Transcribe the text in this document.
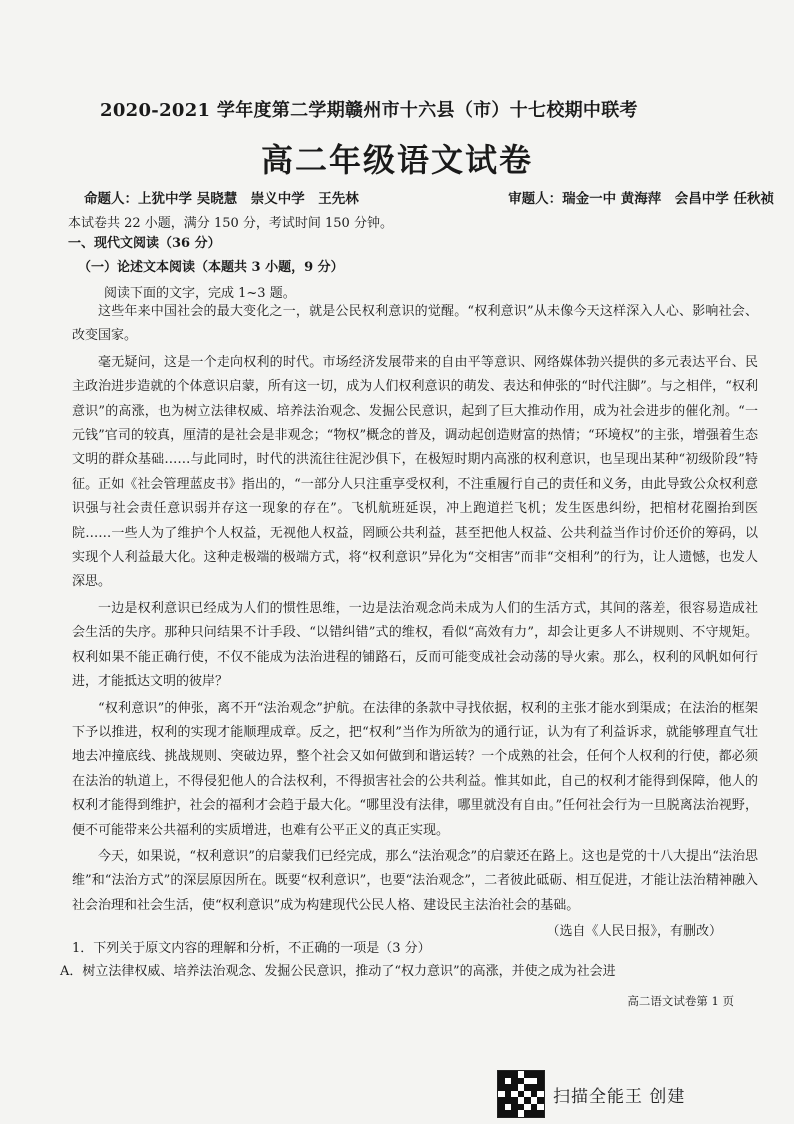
2020-2021 学年度第二学期赣州市十六县（市）十七校期中联考
高二年级语文试卷
命题人：上犹中学 吴晓慧　崇义中学　王先林	审题人：瑞金一中 黄海萍　会昌中学 任秋祯
本试卷共 22 小题，满分 150 分，考试时间 150 分钟。
一、现代文阅读（36 分）
（一）论述文本阅读（本题共 3 小题，9 分）
阅读下面的文字，完成 1~3 题。

这些年来中国社会的最大变化之一，就是公民权利意识的觉醒。“权利意识”从未像今天这样深入人心、影响社会、改变国家。

毫无疑问，这是一个走向权利的时代。市场经济发展带来的自由平等意识、网络媒体勃兴提供的多元表达平台、民主政治进步造就的个体意识启蒙，所有这一切，成为人们权利意识的萌发、表达和伸张的“时代注脚”。与之相伴，“权利意识”的高涨，也为树立法律权威、培养法治观念、发掘公民意识，起到了巨大推动作用，成为社会进步的催化剂。“一元钱”官司的较真，厘清的是社会是非观念；“物权”概念的普及，调动起创造财富的热情；“环境权”的主张，增强着生态文明的群众基础……与此同时，时代的洪流往往泥沙俱下，在极短时期内高涨的权利意识，也呈现出某种“初级阶段”特征。正如《社会管理蓝皮书》指出的，“一部分人只注重享受权利，不注重履行自己的责任和义务，由此导致公众权利意识强与社会责任意识弱并存这一现象的存在”。飞机航班延误，冲上跑道拦飞机；发生医患纠纷，把棺材花圈抬到医院……一些人为了维护个人权益，无视他人权益，罔顾公共利益，甚至把他人权益、公共利益当作讨价还价的筹码，以实现个人利益最大化。这种走极端的极端方式，将“权利意识”异化为“交相害”而非“交相利”的行为，让人遗憾，也发人深思。

一边是权利意识已经成为人们的惯性思维，一边是法治观念尚未成为人们的生活方式，其间的落差，很容易造成社会生活的失序。那种只问结果不计手段、“以错纠错”式的维权，看似“高效有力”，却会让更多人不讲规则、不守规矩。权利如果不能正确行使，不仅不能成为法治进程的铺路石，反而可能变成社会动荡的导火索。那么，权利的风帆如何行进，才能抵达文明的彼岸？

“权利意识”的伸张，离不开“法治观念”护航。在法律的条款中寻找依据，权利的主张才能水到渠成；在法治的框架下予以推进，权利的实现才能顺理成章。反之，把“权利”当作为所欲为的通行证，认为有了利益诉求，就能够理直气壮地去冲撞底线、挑战规则、突破边界，整个社会又如何做到和谐运转？一个成熟的社会，任何个人权利的行使，都必须在法治的轨道上，不得侵犯他人的合法权利，不得损害社会的公共利益。惟其如此，自己的权利才能得到保障，他人的权利才能得到维护，社会的福利才会趋于最大化。“哪里没有法律，哪里就没有自由。”任何社会行为一旦脱离法治视野，便不可能带来公共福利的实质增进，也难有公平正义的真正实现。

今天，如果说，“权利意识”的启蒙我们已经完成，那么“法治观念”的启蒙还在路上。这也是党的十八大提出“法治思维”和“法治方式”的深层原因所在。既要“权利意识”，也要“法治观念”，二者彼此砥砺、相互促进，才能让法治精神融入社会治理和社会生活，使“权利意识”成为构建现代公民人格、建设民主法治社会的基础。

（选自《人民日报》，有删改）
1．下列关于原文内容的理解和分析，不正确的一项是（3 分）
A．树立法律权威、培养法治观念、发掘公民意识，推动了“权力意识”的高涨，并使之成为社会进
高二语文试卷第 1 页
扫描全能王 创建
